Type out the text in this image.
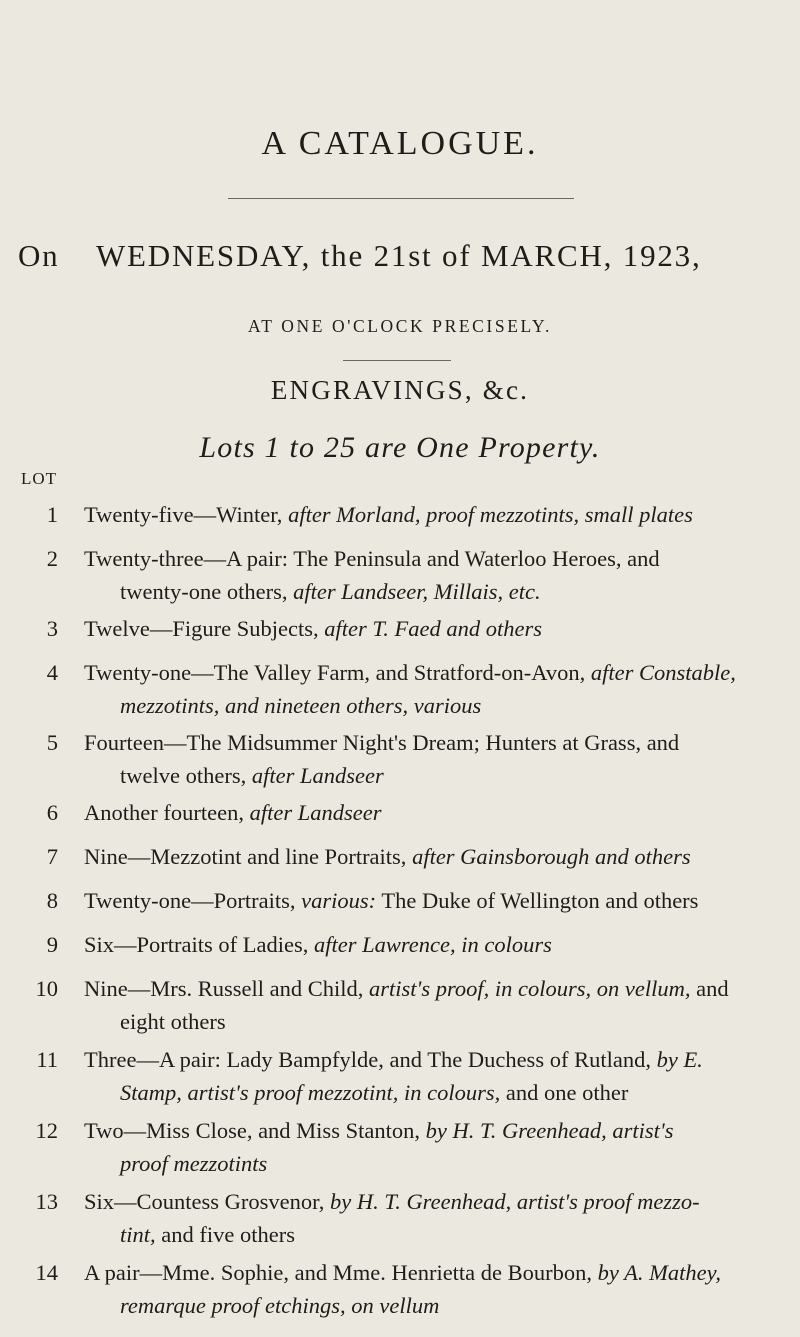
A CATALOGUE.
On WEDNESDAY, the 21st of MARCH, 1923,
AT ONE O'CLOCK PRECISELY.
ENGRAVINGS, &c.
Lots 1 to 25 are One Property.
LOT
1 Twenty-five—Winter, after Morland, proof mezzotints, small plates
2 Twenty-three—A pair: The Peninsula and Waterloo Heroes, and
twenty-one others, after Landseer, Millais, etc.
3 Twelve—Figure Subjects, after T. Faed and others
4 Twenty-one—The Valley Farm, and Stratford-on-Avon, after Constable,
mezzotints, and nineteen others, various
5 Fourteen—The Midsummer Night's Dream; Hunters at Grass, and
twelve others, after Landseer
6 Another fourteen, after Landseer
7 Nine—Mezzotint and line Portraits, after Gainsborough and others
8 Twenty-one—Portraits, various: The Duke of Wellington and others
9 Six—Portraits of Ladies, after Lawrence, in colours
10 Nine—Mrs. Russell and Child, artist's proof, in colours, on vellum, and
eight others
11 Three—A pair: Lady Bampfylde, and The Duchess of Rutland, by E.
Stamp, artist's proof mezzotint, in colours, and one other
12 Two—Miss Close, and Miss Stanton, by H. T. Greenhead, artist's
proof mezzotints
13 Six—Countess Grosvenor, by H. T. Greenhead, artist's proof mezzo-
tint, and five others
14 A pair—Mme. Sophie, and Mme. Henrietta de Bourbon, by A. Mathey,
remarque proof etchings, on vellum
